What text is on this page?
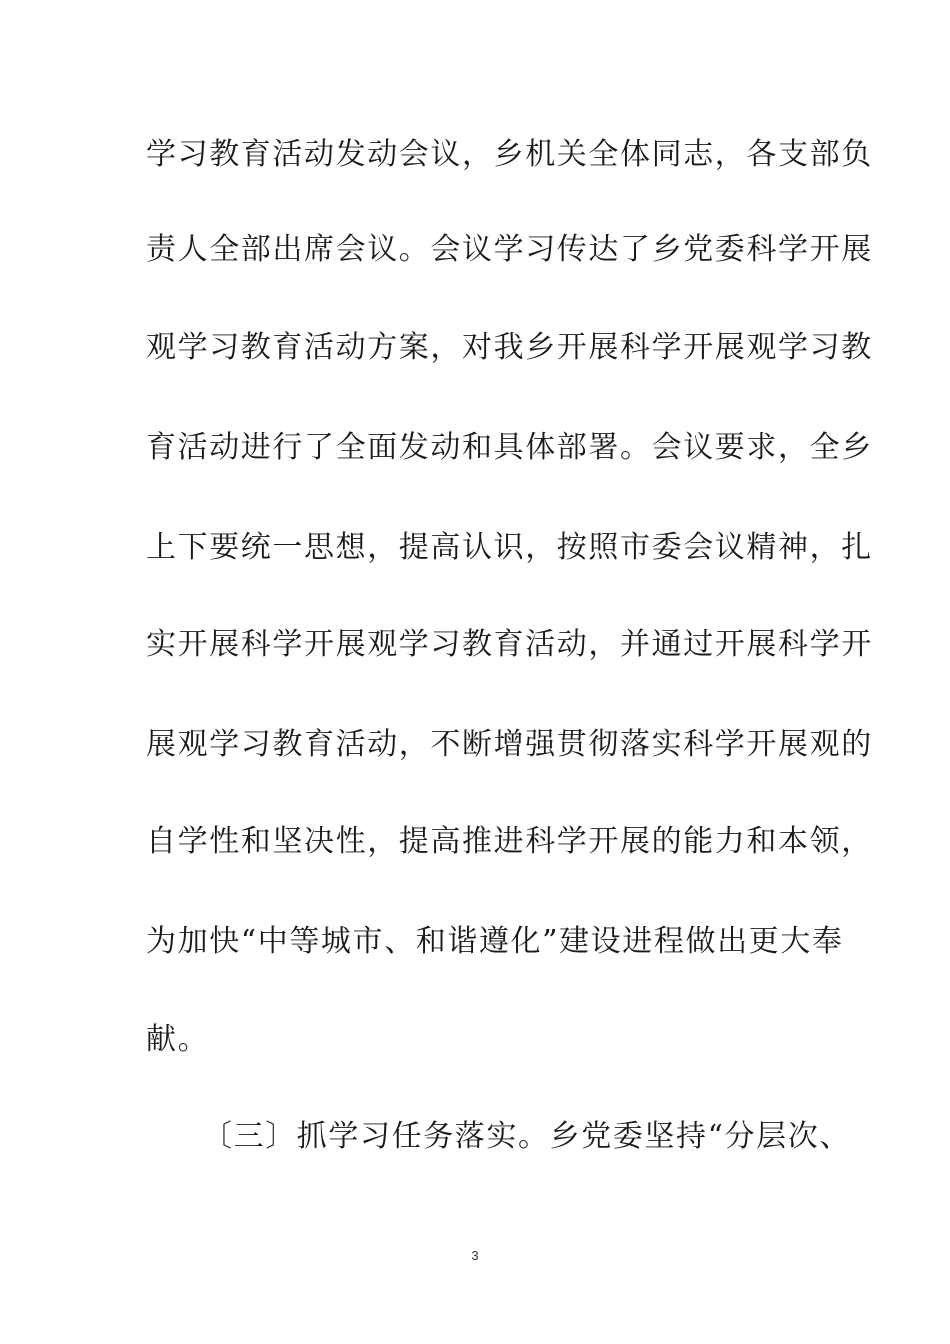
学习教育活动发动会议，乡机关全体同志，各支部负
责人全部出席会议。会议学习传达了乡党委科学开展
观学习教育活动方案，对我乡开展科学开展观学习教
育活动进行了全面发动和具体部署。会议要求，全乡
上下要统一思想，提高认识，按照市委会议精神，扎
实开展科学开展观学习教育活动，并通过开展科学开
展观学习教育活动，不断增强贯彻落实科学开展观的
自学性和坚决性，提高推进科学开展的能力和本领，
为加快“中等城市、和谐遵化”建设进程做出更大奉
献。
〔三〕抓学习任务落实。乡党委坚持“分层次、
3
